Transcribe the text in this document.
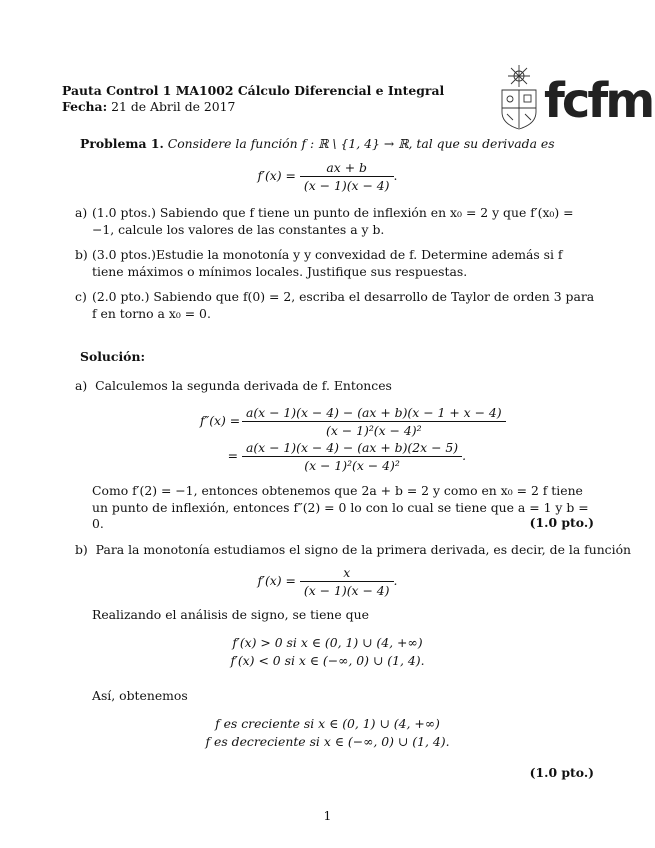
Pauta Control 1 MA1002 Cálculo Diferencial e Integral
Fecha: 21 de Abril de 2017	fcfm
Problema 1. Considere la función f : ℝ \ {1, 4} → ℝ, tal que su derivada es
$f'(x) = \frac{ax + b}{(x - 1)(x - 4)}$ .
a) (1.0 ptos.) Sabiendo que f tiene un punto de inflexión en x₀ = 2 y que f′(x₀) = −1, calcule los valores de las constantes a y b.
b) (3.0 ptos.)Estudie la monotonía y y convexidad de f. Determine además si f tiene máximos o mínimos locales. Justifique sus respuestas.
c) (2.0 pto.) Sabiendo que f(0) = 2, escriba el desarrollo de Taylor de orden 3 para f en torno a x₀ = 0.
Solución:
a) Calculemos la segunda derivada de f. Entonces
$f''(x) = \frac{a(x - 1)(x - 4) - (ax + b)(x - 1 + x - 4)}{\text{(x − 1)²(x − 4)²}}$
= $\frac{a(x - 1)(x - 4) - (ax + b)(2x - 5)}{\text{(x − 1)²(x − 4)²}}$ .
Como f′(2) = −1, entonces obtenemos que 2a + b = 2 y como en x₀ = 2 f tiene un punto de inflexión, entonces f″(2) = 0 lo con lo cual se tiene que a = 1 y b = 0.	(1.0 pto.)
b) Para la monotonía estudiamos el signo de la primera derivada, es decir, de la función
$f'(x) = \frac{x}{(x - 1)(x - 4)}$ .
Realizando el análisis de signo, se tiene que
f′(x) > 0 si x ∈ (0, 1) ∪ (4, +∞)
f′(x) < 0 si x ∈ (−∞, 0) ∪ (1, 4).
Así, obtenemos
f es creciente si x ∈ (0, 1) ∪ (4, +∞)
f es decreciente si x ∈ (−∞, 0) ∪ (1, 4).
(1.0 pto.)
1
